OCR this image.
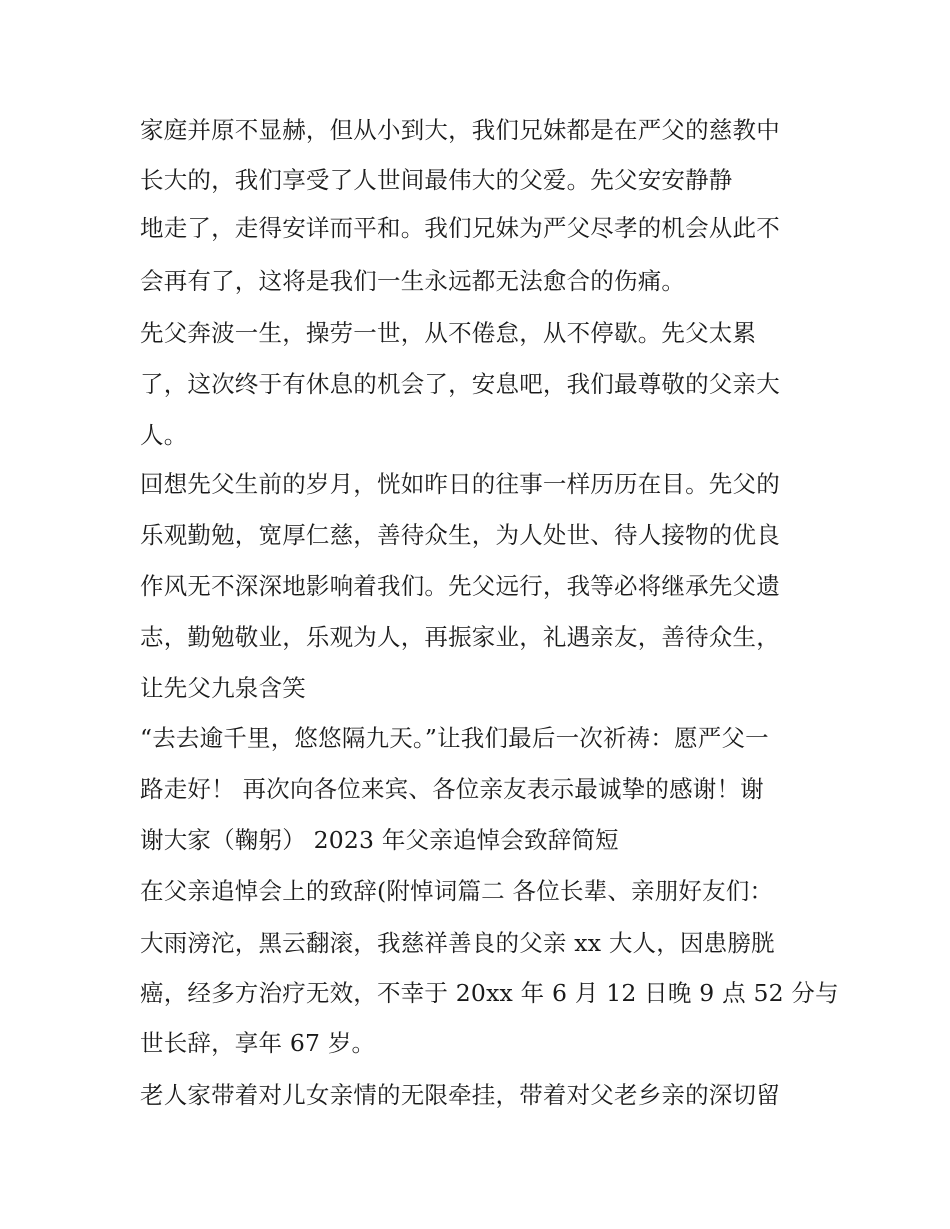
家庭并原不显赫，但从小到大，我们兄妹都是在严父的慈教中
长大的，我们享受了人世间最伟大的父爱。先父安安静静
地走了，走得安详而平和。我们兄妹为严父尽孝的机会从此不
会再有了，这将是我们一生永远都无法愈合的伤痛。
先父奔波一生，操劳一世，从不倦怠，从不停歇。先父太累
了，这次终于有休息的机会了，安息吧，我们最尊敬的父亲大
人。
回想先父生前的岁月，恍如昨日的往事一样历历在目。先父的
乐观勤勉，宽厚仁慈，善待众生，为人处世、待人接物的优良
作风无不深深地影响着我们。先父远行，我等必将继承先父遗
志，勤勉敬业，乐观为人，再振家业，礼遇亲友，善待众生，
让先父九泉含笑
“去去逾千里，悠悠隔九天。”让我们最后一次祈祷：愿严父一
路走好！ 再次向各位来宾、各位亲友表示最诚挚的感谢！谢
谢大家（鞠躬） 2023 年父亲追悼会致辞简短
在父亲追悼会上的致辞(附悼词篇二 各位长辈、亲朋好友们：
大雨滂沱，黑云翻滚，我慈祥善良的父亲 xx 大人，因患膀胱
癌，经多方治疗无效，不幸于 20xx 年 6 月 12 日晚 9 点 52 分与
世长辞，享年 67 岁。
老人家带着对儿女亲情的无限牵挂，带着对父老乡亲的深切留
